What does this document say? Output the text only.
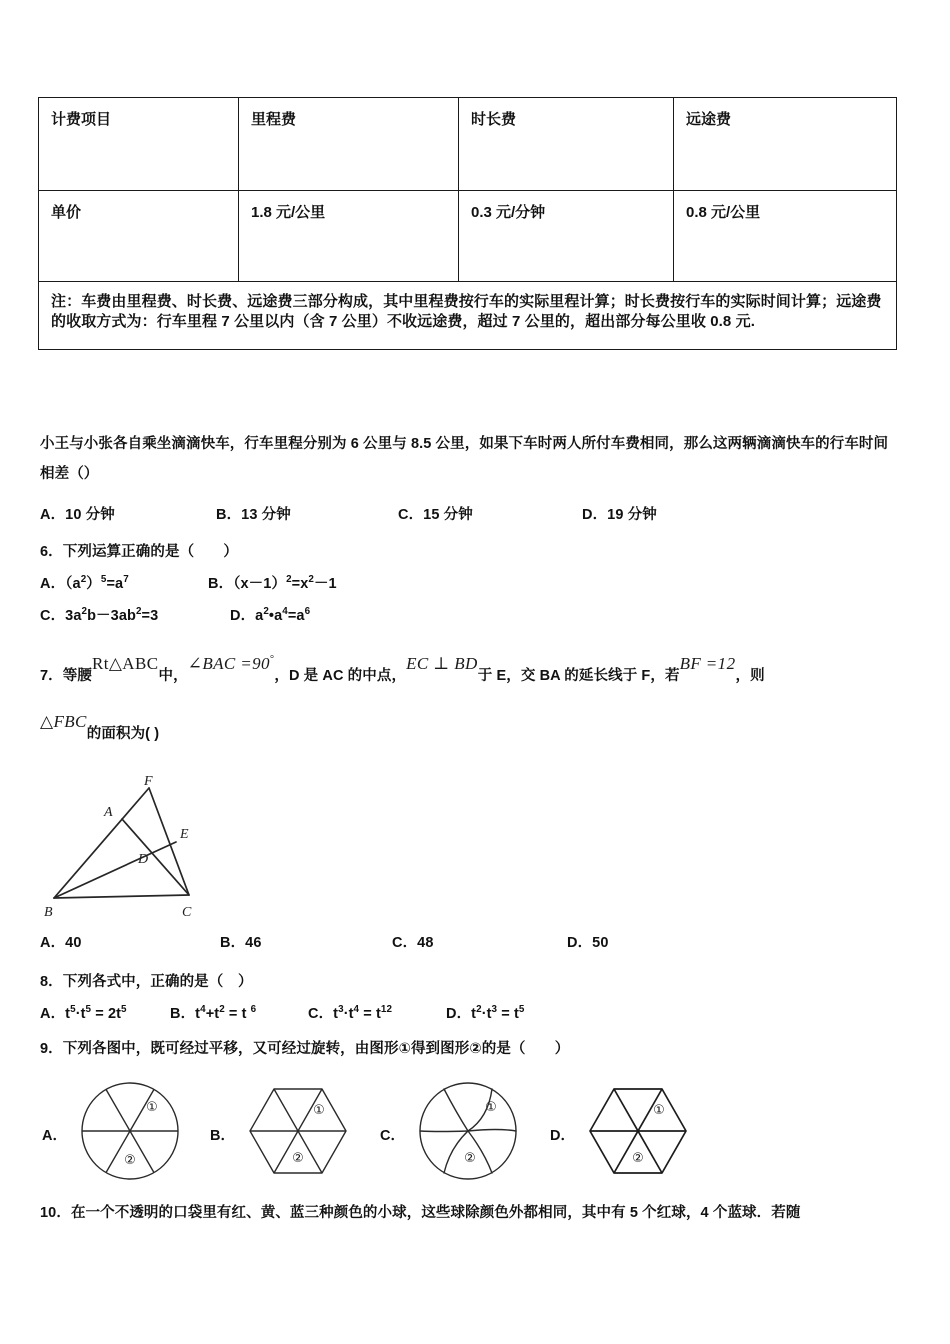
计费项目	里程费	时长费	远途费
单价	1.8 元/公里	0.3 元/分钟	0.8 元/公里
注：车费由里程费、时长费、远途费三部分构成，其中里程费按行车的实际里程计算；时长费按行车的实际时间计算；远途费的收取方式为：行车里程 7 公里以内（含 7 公里）不收远途费，超过 7 公里的，超出部分每公里收 0.8 元.			
小王与小张各自乘坐滴滴快车，行车里程分别为 6 公里与 8.5 公里，如果下车时两人所付车费相同，那么这两辆滴滴快车的行车时间相差（）
A．10 分钟	B．13 分钟	C．15 分钟	D．19 分钟
6．下列运算正确的是（　　）
A．$(a^2)^5=a^7$	B．$(x-1)^2=x^2-1$
C．$3a^2b-3ab^2=3$	D．$a^2•a^4=a^6$
7．等腰Rt△ABC中，∠BAC =90°，D 是 AC 的中点，EC ⊥ BD于 E，交 BA 的延长线于 F，若BF =12，则
△FBC的面积为( )
F
A
E
D
B	C
A．40	B．46	C．48	D．50
8．下列各式中，正确的是（　）
A．$t^5\cdot t^5 = 2t^5$	B．$t^4+t^2 = t$ $^6$	C．$t^3\cdot t^4 = t^{12}$	D．$t^2\cdot t^3 = t^5$
9．下列各图中，既可经过平移，又可经过旋转，由图形①得到图形②的是（　　）
A．
①
②
B．
①
②
C．
①
②
D．
①
②
10．在一个不透明的口袋里有红、黄、蓝三种颜色的小球，这些球除颜色外都相同，其中有 5 个红球，4 个蓝球．若随
